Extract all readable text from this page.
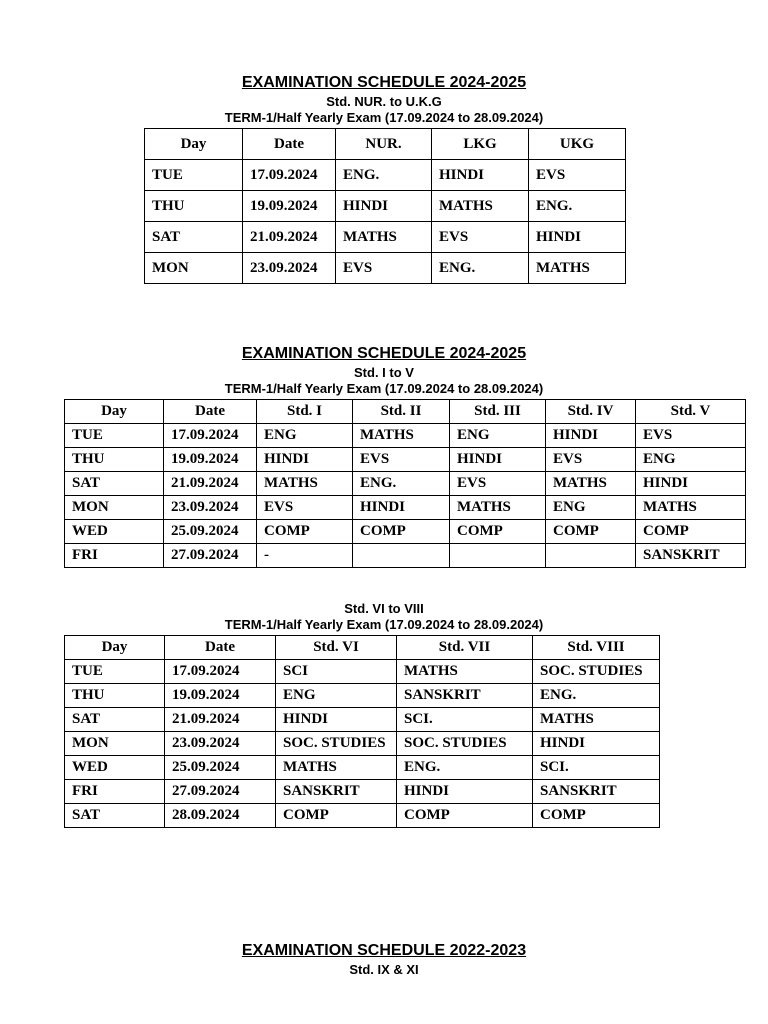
EXAMINATION SCHEDULE 2024-2025
Std. NUR. to U.K.G
TERM-1/Half Yearly Exam (17.09.2024 to 28.09.2024)
Day	Date	NUR.	LKG	UKG
TUE	17.09.2024	ENG.	HINDI	EVS
THU	19.09.2024	HINDI	MATHS	ENG.
SAT	21.09.2024	MATHS	EVS	HINDI
MON	23.09.2024	EVS	ENG.	MATHS
EXAMINATION SCHEDULE 2024-2025
Std. I to V
TERM-1/Half Yearly Exam (17.09.2024 to 28.09.2024)
Day	Date	Std. I	Std. II	Std. III	Std. IV	Std. V
TUE	17.09.2024	ENG	MATHS	ENG	HINDI	EVS
THU	19.09.2024	HINDI	EVS	HINDI	EVS	ENG
SAT	21.09.2024	MATHS	ENG.	EVS	MATHS	HINDI
MON	23.09.2024	EVS	HINDI	MATHS	ENG	MATHS
WED	25.09.2024	COMP	COMP	COMP	COMP	COMP
FRI	27.09.2024	-				SANSKRIT
Std. VI to VIII
TERM-1/Half Yearly Exam (17.09.2024 to 28.09.2024)
Day	Date	Std. VI	Std. VII	Std. VIII
TUE	17.09.2024	SCI	MATHS	SOC. STUDIES
THU	19.09.2024	ENG	SANSKRIT	ENG.
SAT	21.09.2024	HINDI	SCI.	MATHS
MON	23.09.2024	SOC. STUDIES	SOC. STUDIES	HINDI
WED	25.09.2024	MATHS	ENG.	SCI.
FRI	27.09.2024	SANSKRIT	HINDI	SANSKRIT
SAT	28.09.2024	COMP	COMP	COMP
EXAMINATION SCHEDULE 2022-2023
Std. IX & XI
